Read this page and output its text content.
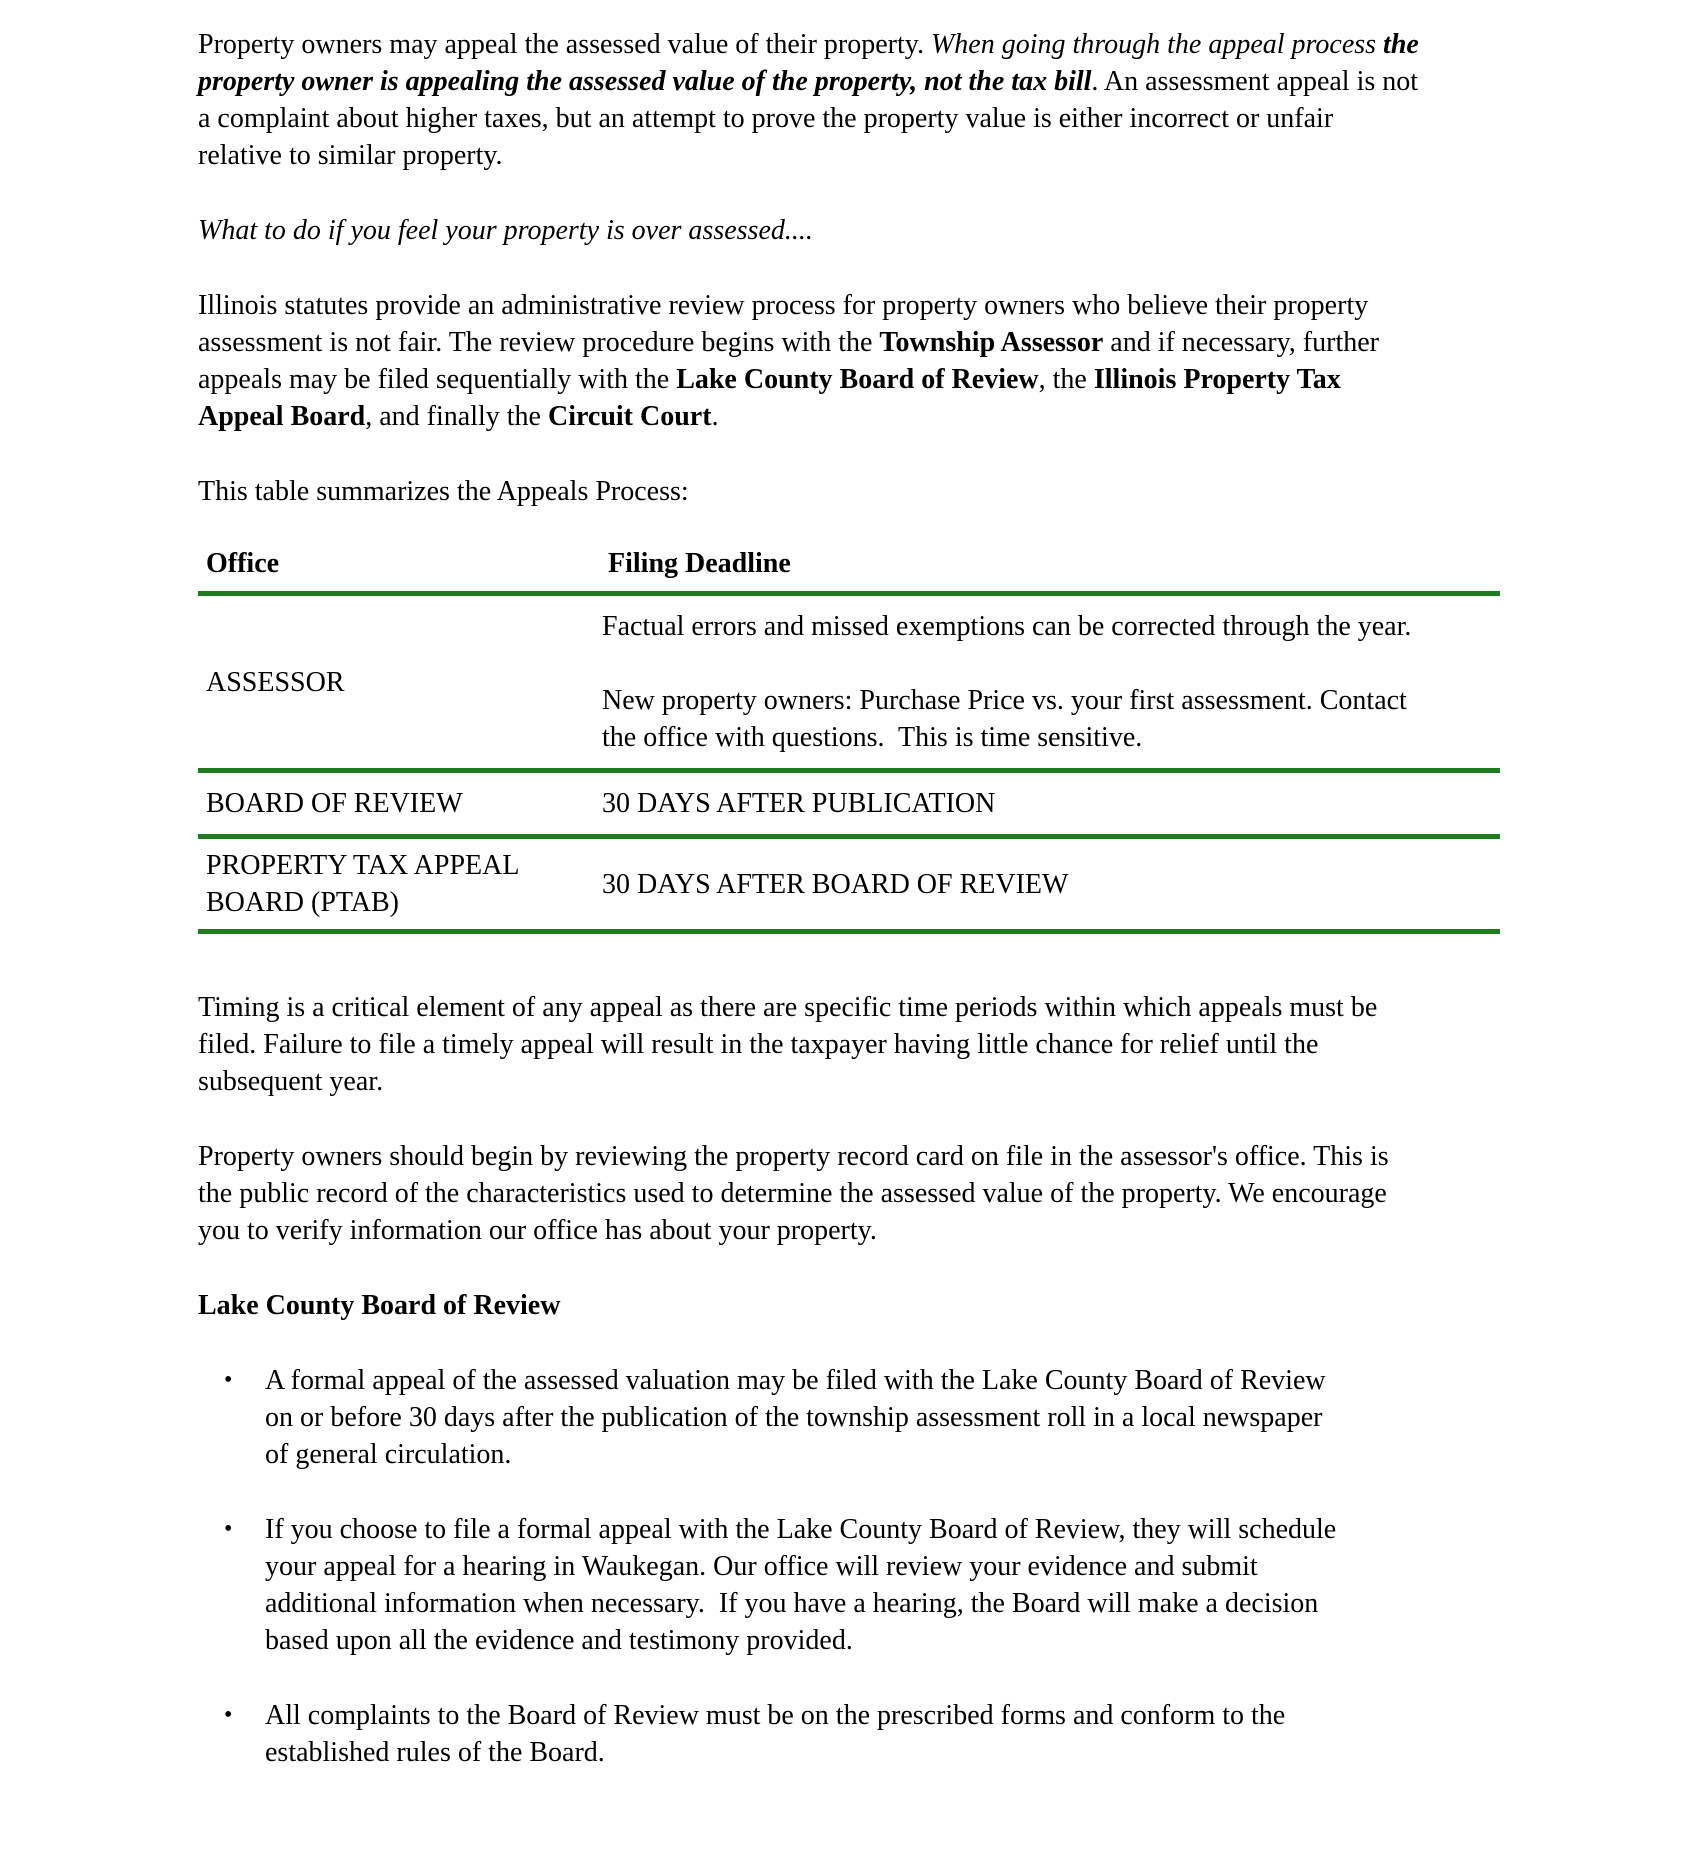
Property owners may appeal the assessed value of their property. When going through the appeal process the property owner is appealing the assessed value of the property, not the tax bill. An assessment appeal is not a complaint about higher taxes, but an attempt to prove the property value is either incorrect or unfair relative to similar property.

What to do if you feel your property is over assessed....

Illinois statutes provide an administrative review process for property owners who believe their property assessment is not fair. The review procedure begins with the Township Assessor and if necessary, further appeals may be filed sequentially with the Lake County Board of Review, the Illinois Property Tax Appeal Board, and finally the Circuit Court.

This table summarizes the Appeals Process:

Office	Filing Deadline
ASSESSOR	Factual errors and missed exemptions can be corrected through the year.

New property owners: Purchase Price vs. your first assessment. Contact the office with questions.  This is time sensitive.

BOARD OF REVIEW	30 DAYS AFTER PUBLICATION

PROPERTY TAX APPEAL BOARD (PTAB)	30 DAYS AFTER BOARD OF REVIEW

Timing is a critical element of any appeal as there are specific time periods within which appeals must be filed. Failure to file a timely appeal will result in the taxpayer having little chance for relief until the subsequent year.

Property owners should begin by reviewing the property record card on file in the assessor's office. This is the public record of the characteristics used to determine the assessed value of the property. We encourage you to verify information our office has about your property.

Lake County Board of Review

• A formal appeal of the assessed valuation may be filed with the Lake County Board of Review on or before 30 days after the publication of the township assessment roll in a local newspaper of general circulation.
• If you choose to file a formal appeal with the Lake County Board of Review, they will schedule your appeal for a hearing in Waukegan. Our office will review your evidence and submit additional information when necessary.  If you have a hearing, the Board will make a decision based upon all the evidence and testimony provided.
• All complaints to the Board of Review must be on the prescribed forms and conform to the established rules of the Board.
